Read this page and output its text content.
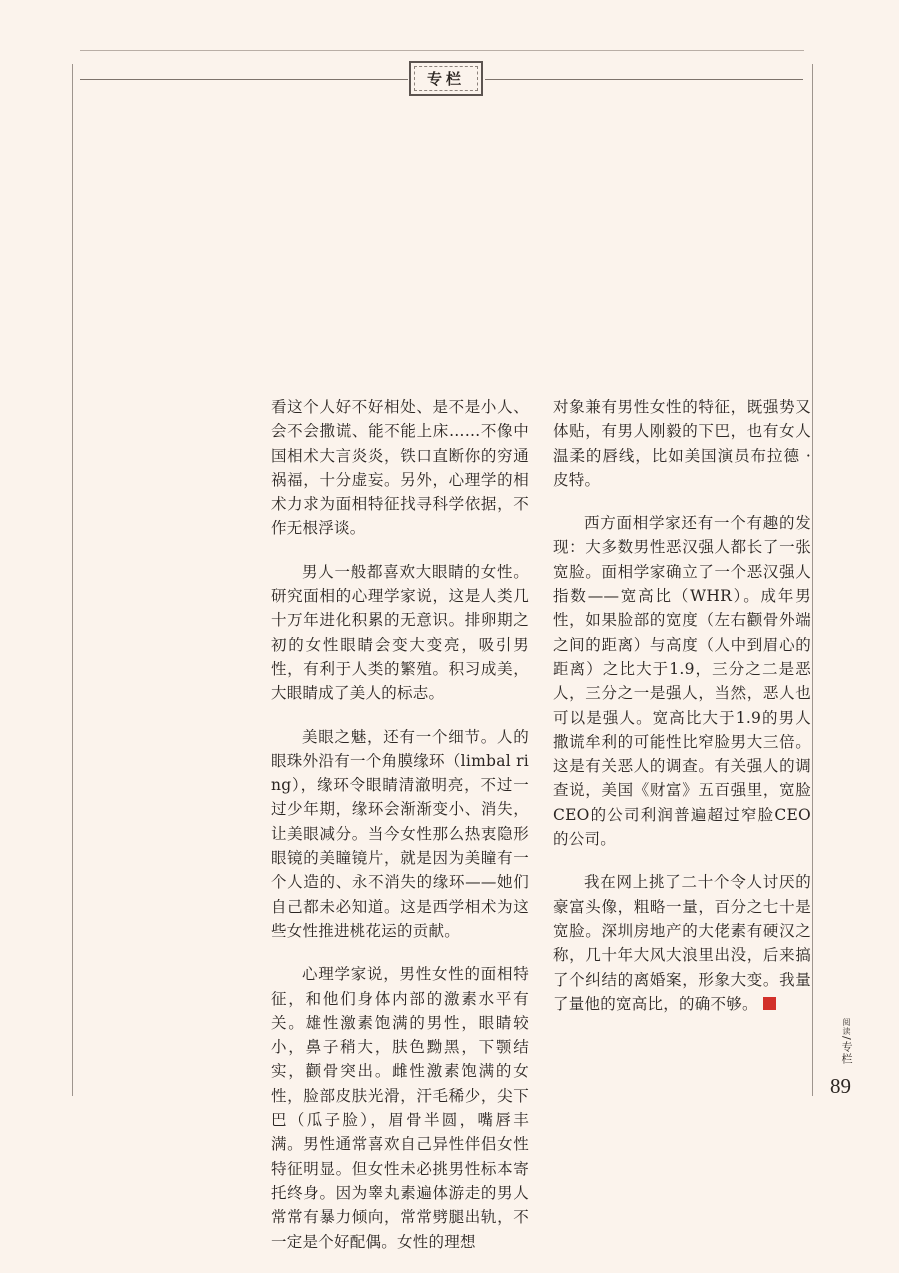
专栏

看这个人好不好相处、是不是小人、会不会撒谎、能不能上床……不像中国相术大言炎炎，铁口直断你的穷通祸福，十分虚妄。另外，心理学的相术力求为面相特征找寻科学依据，不作无根浮谈。

男人一般都喜欢大眼睛的女性。研究面相的心理学家说，这是人类几十万年进化积累的无意识。排卵期之初的女性眼睛会变大变亮，吸引男性，有利于人类的繁殖。积习成美，大眼睛成了美人的标志。

美眼之魅，还有一个细节。人的眼珠外沿有一个角膜缘环（limbal ring），缘环令眼睛清澈明亮，不过一过少年期，缘环会渐渐变小、消失，让美眼减分。当今女性那么热衷隐形眼镜的美瞳镜片，就是因为美瞳有一个人造的、永不消失的缘环——她们自己都未必知道。这是西学相术为这些女性推进桃花运的贡献。

心理学家说，男性女性的面相特征，和他们身体内部的激素水平有关。雄性激素饱满的男性，眼睛较小，鼻子稍大，肤色黝黑，下颚结实，颧骨突出。雌性激素饱满的女性，脸部皮肤光滑，汗毛稀少，尖下巴（瓜子脸），眉骨半圆，嘴唇丰满。男性通常喜欢自己异性伴侣女性特征明显。但女性未必挑男性标本寄托终身。因为睾丸素遍体游走的男人常常有暴力倾向，常常劈腿出轨，不一定是个好配偶。女性的理想

对象兼有男性女性的特征，既强势又体贴，有男人刚毅的下巴，也有女人温柔的唇线，比如美国演员布拉德 · 皮特。

西方面相学家还有一个有趣的发现：大多数男性恶汉强人都长了一张宽脸。面相学家确立了一个恶汉强人指数——宽高比（WHR）。成年男性，如果脸部的宽度（左右颧骨外端之间的距离）与高度（人中到眉心的距离）之比大于1.9，三分之二是恶人，三分之一是强人，当然，恶人也可以是强人。宽高比大于1.9的男人撒谎牟利的可能性比窄脸男大三倍。这是有关恶人的调查。有关强人的调查说，美国《财富》五百强里，宽脸CEO的公司利润普遍超过窄脸CEO的公司。

我在网上挑了二十个令人讨厌的豪富头像，粗略一量，百分之七十是宽脸。深圳房地产的大佬素有硬汉之称，几十年大风大浪里出没，后来搞了个纠结的离婚案，形象大变。我量了量他的宽高比，的确不够。

阅读/专栏
89
